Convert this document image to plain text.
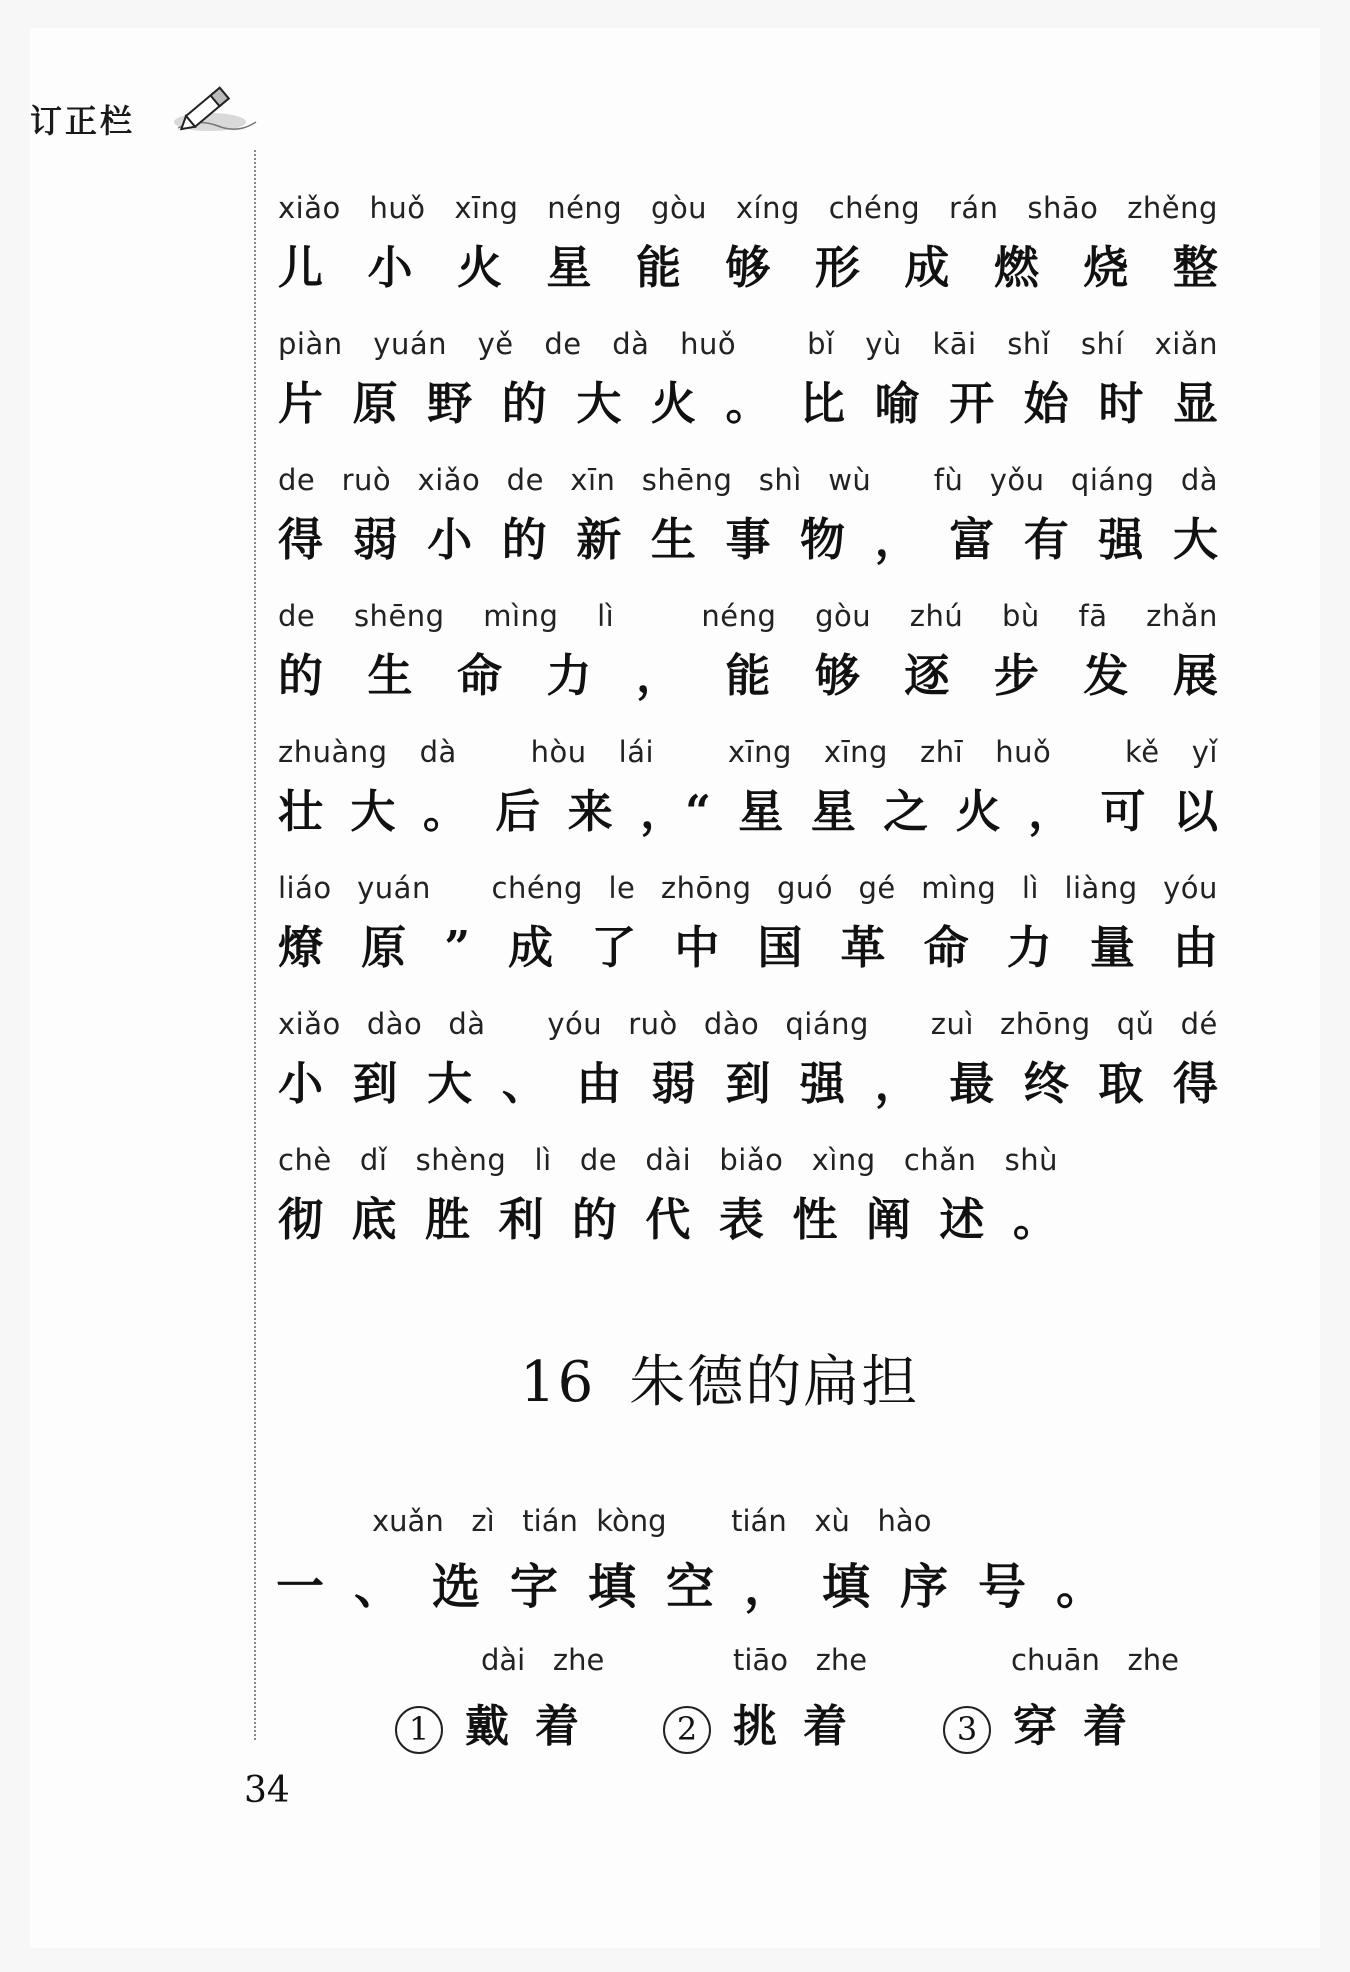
订正栏
xiǎo huǒ xīng néng gòu xíng chéng rán shāo zhěng
儿 小 火 星 能 够 形 成 燃 烧 整
piàn yuán yě de dà huǒ
bǐ yù kāi shǐ shí xiǎn
片 原 野 的 大 火 。 比 喻 开 始 时 显
de ruò xiǎo de xīn shēng shì wù
fù yǒu qiáng dà
得 弱 小 的 新 生 事 物 ， 富 有 强 大
de shēng mìng lì
	néng gòu zhú bù fā zhǎn
的 生 命 力 ， 能 够 逐 步 发 展
zhuàng dà
	hòu lái
	xīng xīng zhī huǒ
	kě yǐ
壮 大 。 后 来 ，“ 星 星 之 火 ， 可 以
liáo yuán
chéng le zhōng guó gé mìng lì liàng yóu
燎 原 ” 成 了 中 国 革 命 力 量 由
xiǎo dào dà
yóu ruò dào qiáng
zuì zhōng qǔ dé
小 到 大 、 由 弱 到 强 ， 最 终 取 得
chè dǐ shèng lì de dài biǎo xìng chǎn shù
彻 底 胜 利 的 代 表 性 阐 述 。
16 朱德的扁担
xuǎn   zì   tián  kòng       tián   xù   hào
一、选字填空，填序号。
dài   zhe
1 戴着
tiāo   zhe
2 挑着
chuān   zhe
3 穿着
34
